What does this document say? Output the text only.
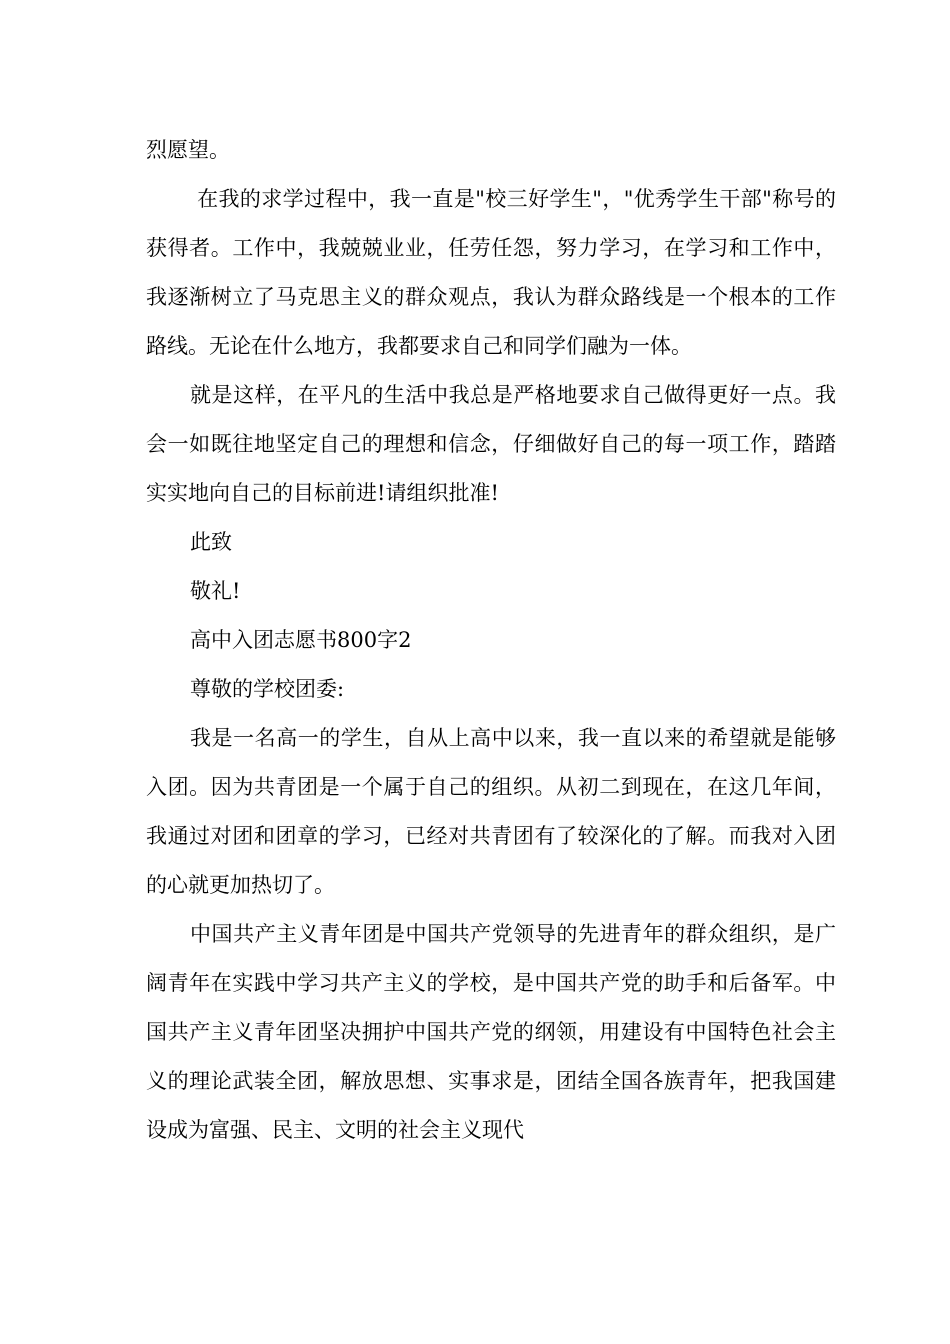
烈愿望。

在我的求学过程中，我一直是"校三好学生"，"优秀学生干部"称号的获得者。工作中，我兢兢业业，任劳任怨，努力学习，在学习和工作中，我逐渐树立了马克思主义的群众观点，我认为群众路线是一个根本的工作路线。无论在什么地方，我都要求自己和同学们融为一体。

就是这样，在平凡的生活中我总是严格地要求自己做得更好一点。我会一如既往地坚定自己的理想和信念，仔细做好自己的每一项工作，踏踏实实地向自己的目标前进!请组织批准!

此致

敬礼!

高中入团志愿书800字2

尊敬的学校团委:

我是一名高一的学生，自从上高中以来，我一直以来的希望就是能够入团。因为共青团是一个属于自己的组织。从初二到现在，在这几年间，我通过对团和团章的学习，已经对共青团有了较深化的了解。而我对入团的心就更加热切了。

中国共产主义青年团是中国共产党领导的先进青年的群众组织，是广阔青年在实践中学习共产主义的学校，是中国共产党的助手和后备军。中国共产主义青年团坚决拥护中国共产党的纲领，用建设有中国特色社会主义的理论武装全团，解放思想、实事求是，团结全国各族青年，把我国建设成为富强、民主、文明的社会主义现代
